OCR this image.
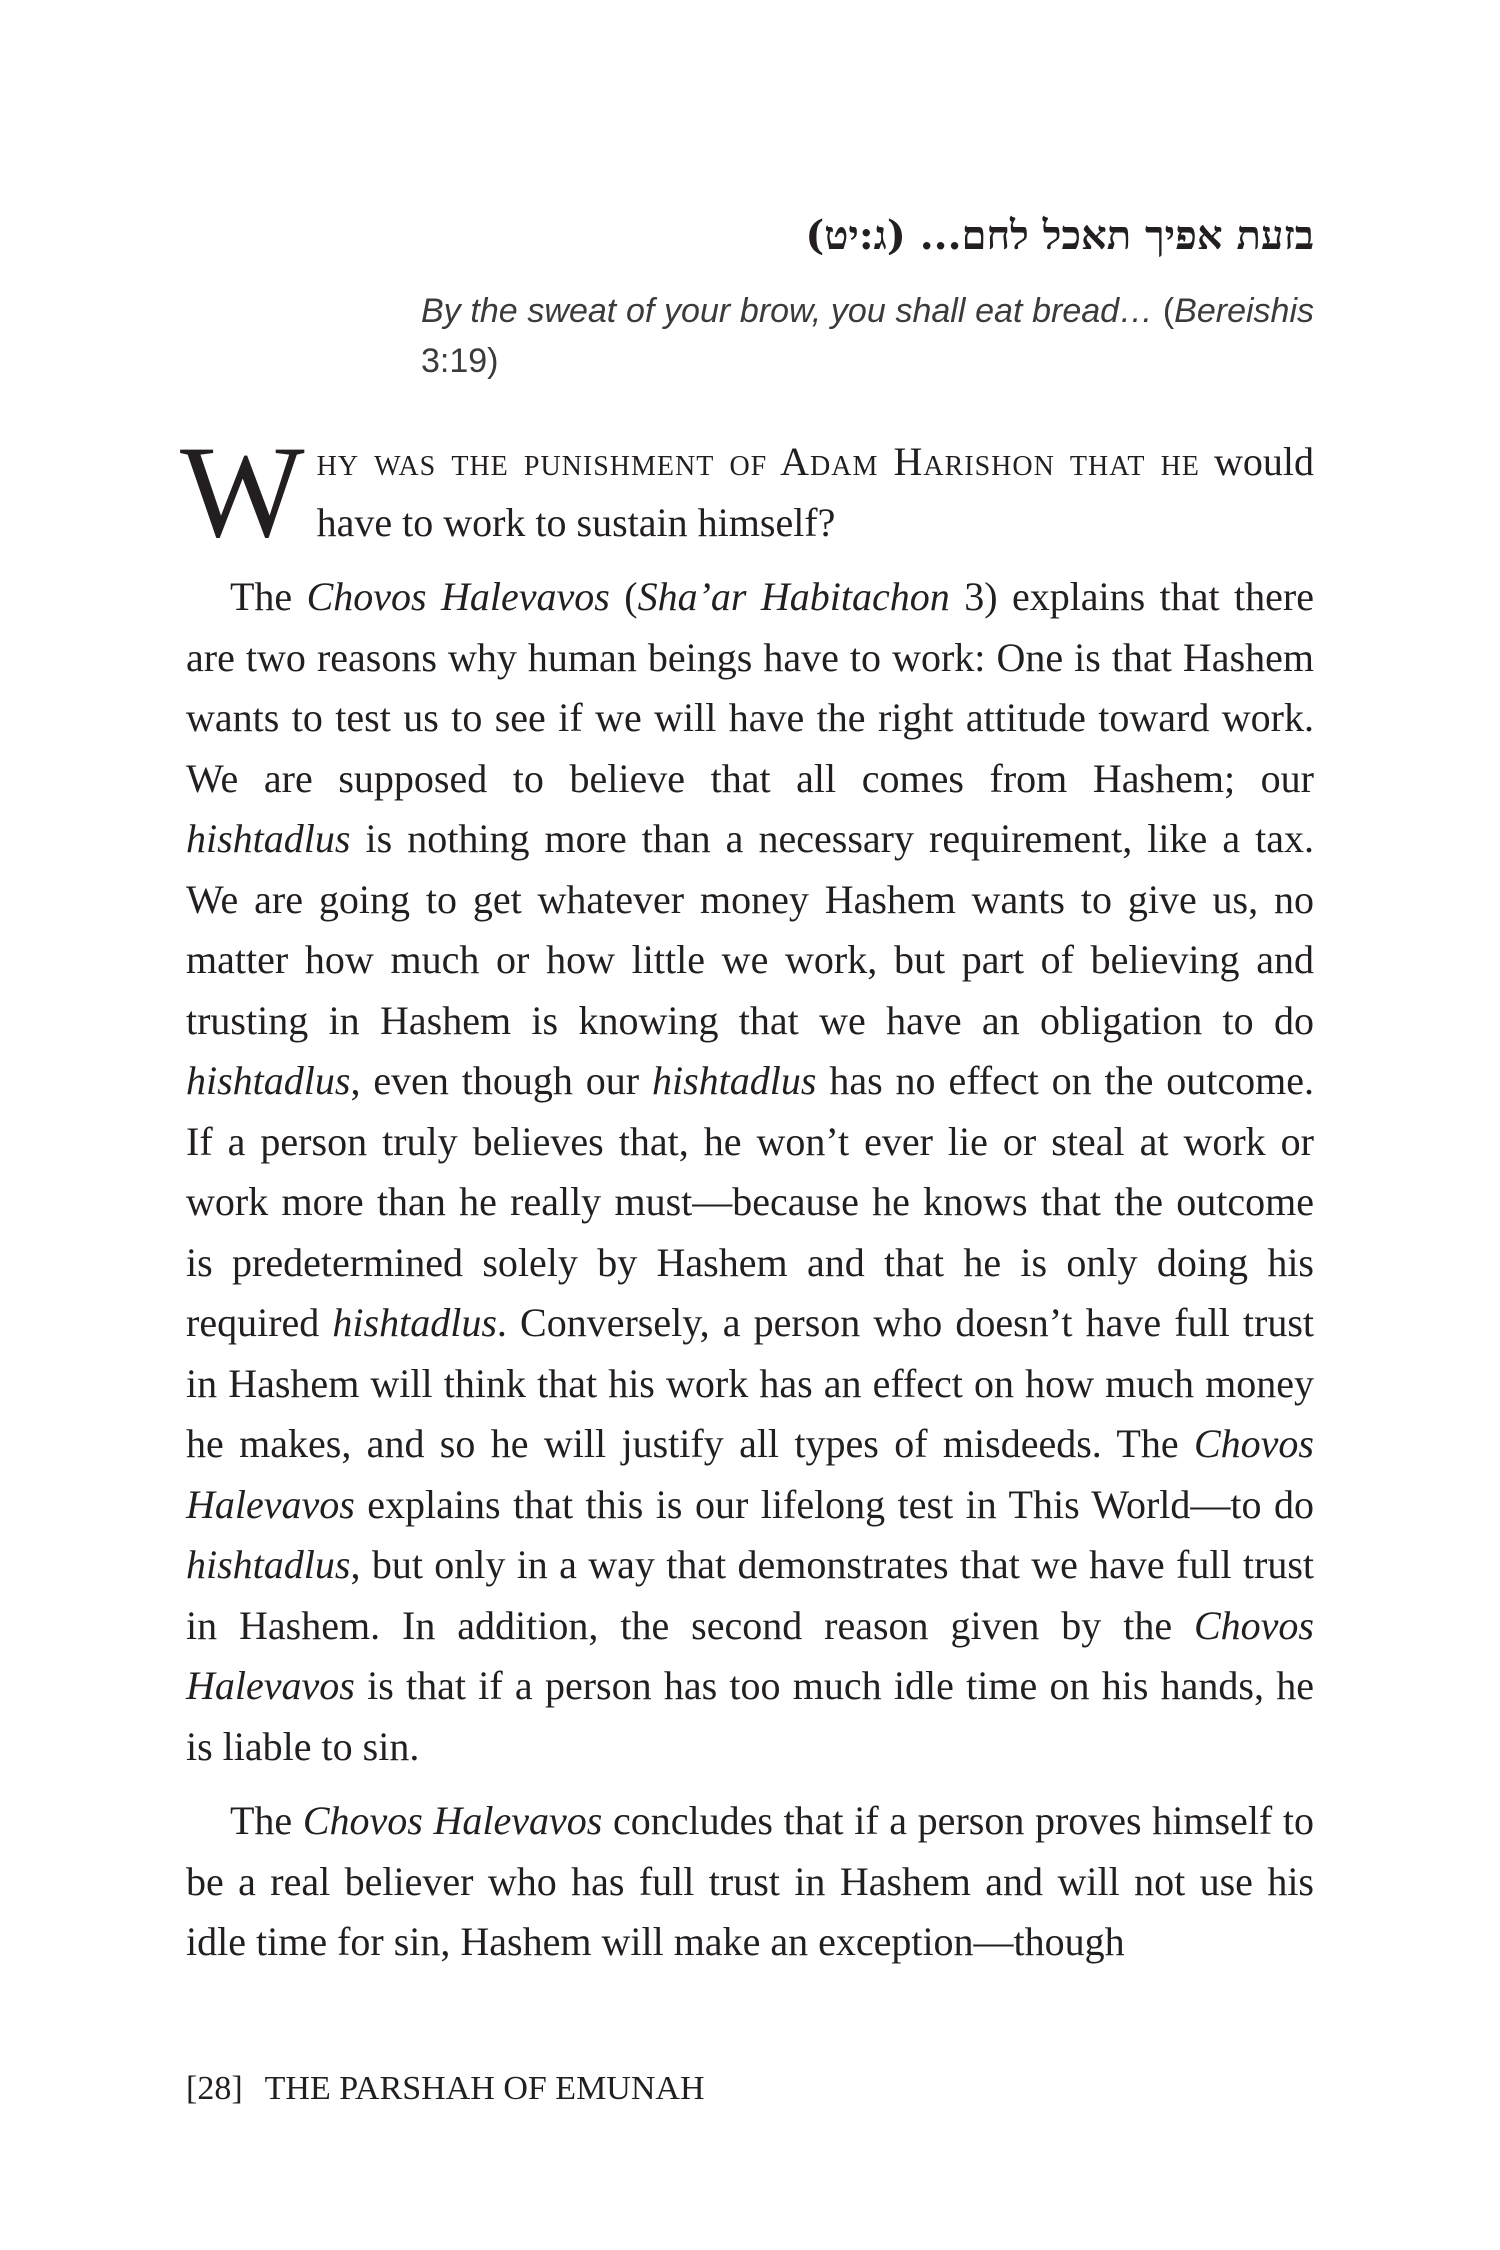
בזעת אפיך תאכל לחם... (ג:יט)

By the sweat of your brow, you shall eat bread… (Bereishis 3:19)

Why was the punishment of Adam Harishon that he would have to work to sustain himself?

The Chovos Halevavos (Sha’ar Habitachon 3) explains that there are two reasons why human beings have to work: One is that Hashem wants to test us to see if we will have the right attitude toward work. We are supposed to believe that all comes from Hashem; our hishtadlus is nothing more than a necessary requirement, like a tax. We are going to get whatever money Hashem wants to give us, no matter how much or how little we work, but part of believing and trusting in Hashem is knowing that we have an obligation to do hishtadlus, even though our hishtadlus has no effect on the outcome. If a person truly believes that, he won’t ever lie or steal at work or work more than he really must—because he knows that the outcome is predetermined solely by Hashem and that he is only doing his required hishtadlus. Conversely, a person who doesn’t have full trust in Hashem will think that his work has an effect on how much money he makes, and so he will justify all types of misdeeds. The Chovos Halevavos explains that this is our lifelong test in This World—to do hishtadlus, but only in a way that demonstrates that we have full trust in Hashem. In addition, the second reason given by the Chovos Halevavos is that if a person has too much idle time on his hands, he is liable to sin.

The Chovos Halevavos concludes that if a person proves himself to be a real believer who has full trust in Hashem and will not use his idle time for sin, Hashem will make an exception—though

[28] THE PARSHAH OF EMUNAH
